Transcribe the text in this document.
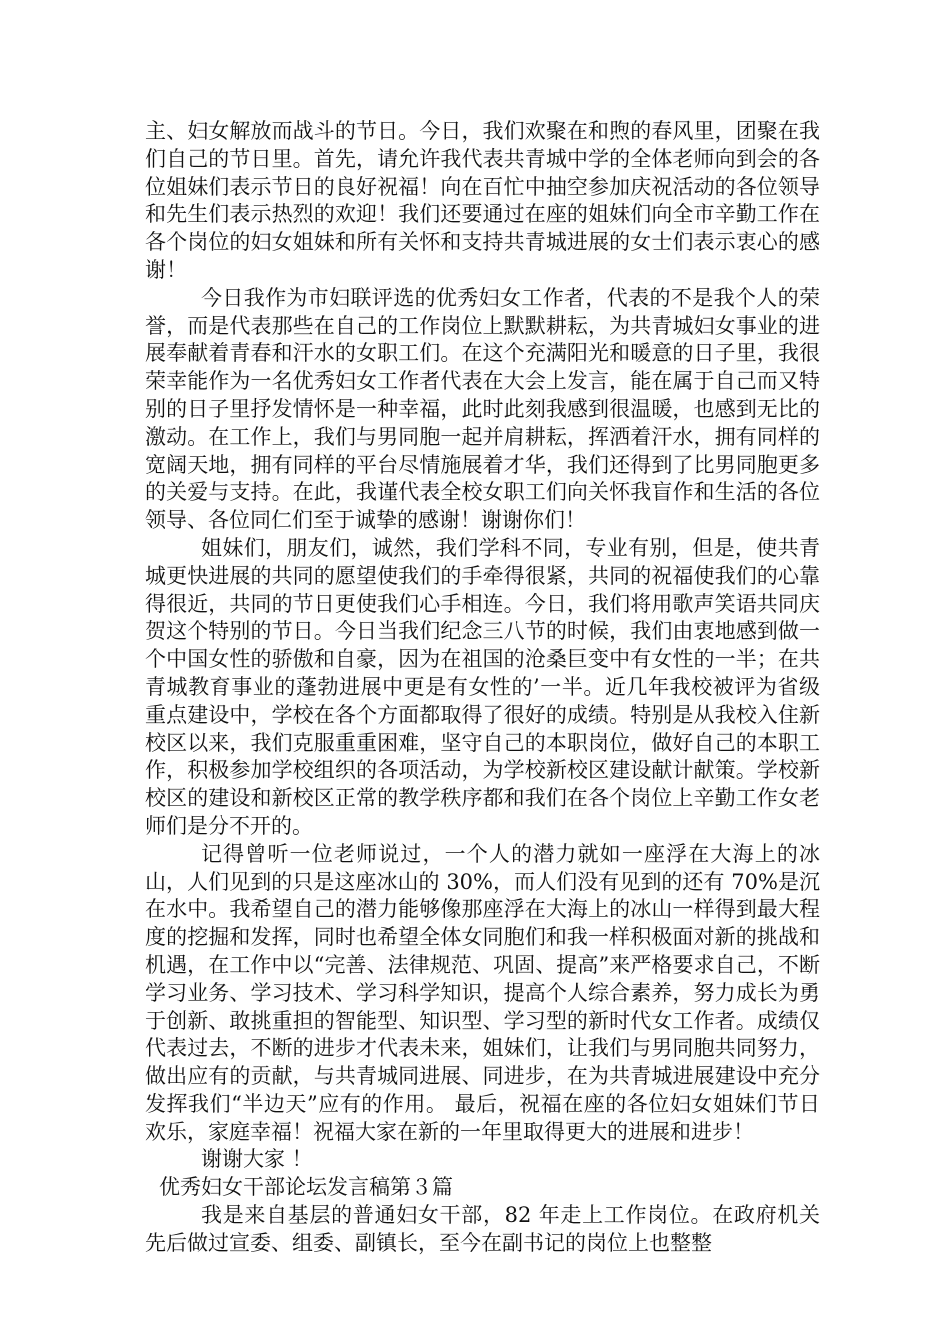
主、妇女解放而战斗的节日。今日，我们欢聚在和煦的春风里，团聚在我们自己的节日里。首先，请允许我代表共青城中学的全体老师向到会的各位姐妹们表示节日的良好祝福！向在百忙中抽空参加庆祝活动的各位领导和先生们表示热烈的欢迎！我们还要通过在座的姐妹们向全市辛勤工作在各个岗位的妇女姐妹和所有关怀和支持共青城进展的女士们表示衷心的感谢！

今日我作为市妇联评选的优秀妇女工作者，代表的不是我个人的荣誉，而是代表那些在自己的工作岗位上默默耕耘，为共青城妇女事业的进展奉献着青春和汗水的女职工们。在这个充满阳光和暖意的日子里，我很荣幸能作为一名优秀妇女工作者代表在大会上发言，能在属于自己而又特别的日子里抒发情怀是一种幸福，此时此刻我感到很温暖，也感到无比的激动。在工作上，我们与男同胞一起并肩耕耘，挥洒着汗水，拥有同样的宽阔天地，拥有同样的平台尽情施展着才华，我们还得到了比男同胞更多的关爱与支持。在此，我谨代表全校女职工们向关怀我盲作和生活的各位领导、各位同仁们至于诚挚的感谢！谢谢你们！

姐妹们，朋友们，诚然，我们学科不同，专业有别，但是，使共青城更快进展的共同的愿望使我们的手牵得很紧，共同的祝福使我们的心靠得很近，共同的节日更使我们心手相连。今日，我们将用歌声笑语共同庆贺这个特别的节日。今日当我们纪念三八节的时候，我们由衷地感到做一个中国女性的骄傲和自豪，因为在祖国的沧桑巨变中有女性的一半；在共青城教育事业的蓬勃进展中更是有女性的’一半。近几年我校被评为省级重点建设中，学校在各个方面都取得了很好的成绩。特别是从我校入住新校区以来，我们克服重重困难，坚守自己的本职岗位，做好自己的本职工作，积极参加学校组织的各项活动，为学校新校区建设献计献策。学校新校区的建设和新校区正常的教学秩序都和我们在各个岗位上辛勤工作女老师们是分不开的。

记得曾听一位老师说过，一个人的潜力就如一座浮在大海上的冰山，人们见到的只是这座冰山的 30%，而人们没有见到的还有 70%是沉在水中。我希望自己的潜力能够像那座浮在大海上的冰山一样得到最大程度的挖掘和发挥，同时也希望全体女同胞们和我一样积极面对新的挑战和机遇，在工作中以“完善、法律规范、巩固、提高”来严格要求自己，不断学习业务、学习技术、学习科学知识，提高个人综合素养，努力成长为勇于创新、敢挑重担的智能型、知识型、学习型的新时代女工作者。成绩仅代表过去，不断的进步才代表未来，姐妹们，让我们与男同胞共同努力，做出应有的贡献，与共青城同进展、同进步，在为共青城进展建设中充分发挥我们“半边天”应有的作用。 最后，祝福在座的各位妇女姐妹们节日欢乐，家庭幸福！祝福大家在新的一年里取得更大的进展和进步！

谢谢大家 ！

优秀妇女干部论坛发言稿第３篇

我是来自基层的普通妇女干部，82 年走上工作岗位。在政府机关先后做过宣委、组委、副镇长，至今在副书记的岗位上也整整
